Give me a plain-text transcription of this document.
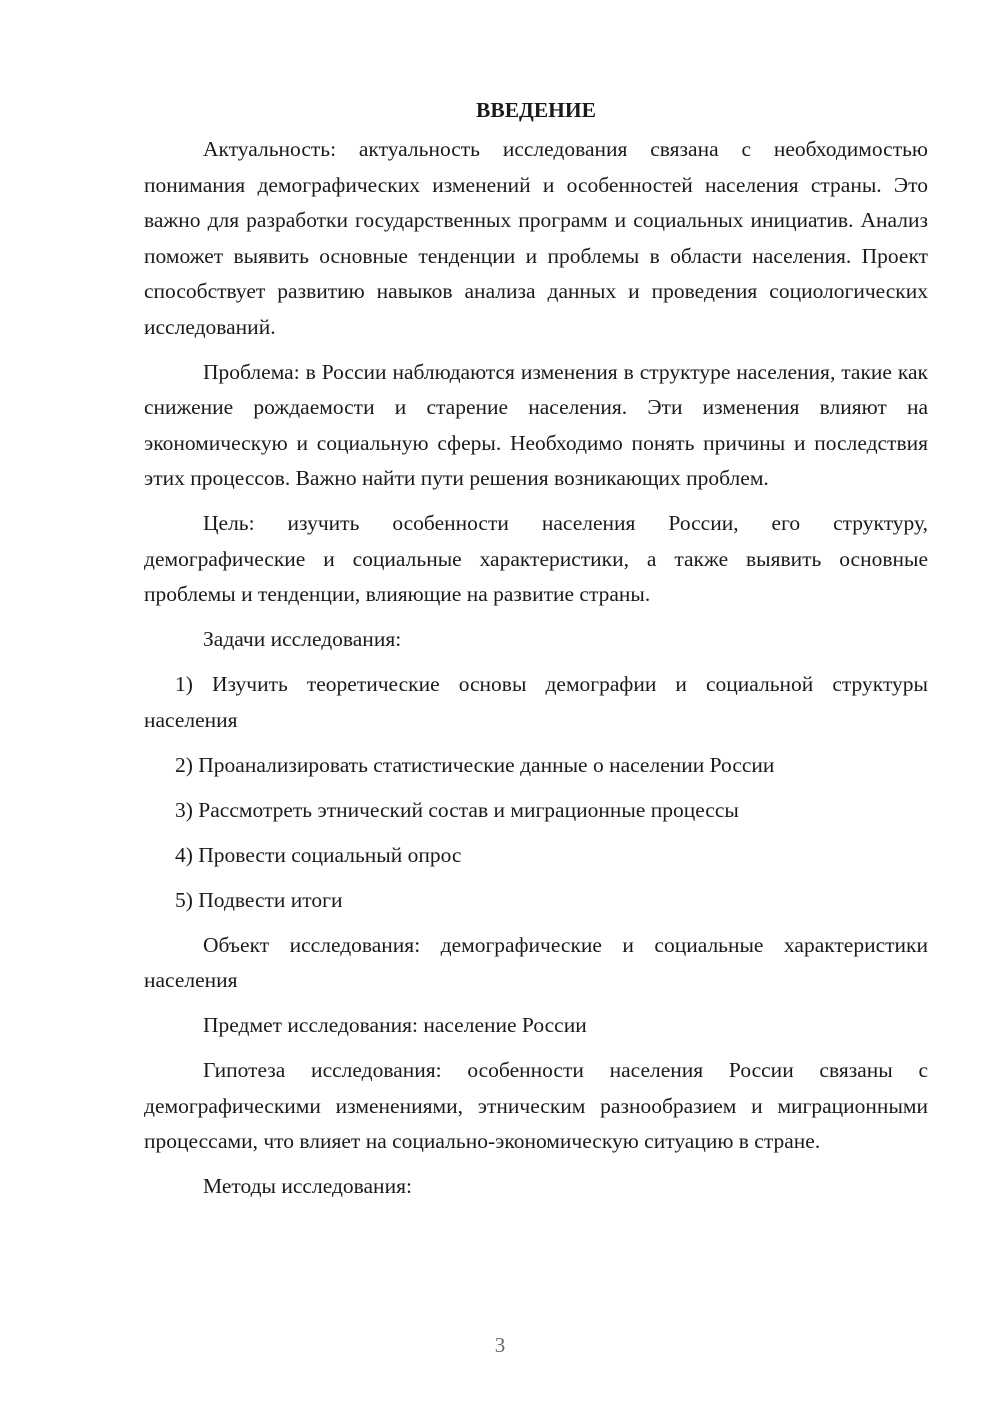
ВВЕДЕНИЕ

Актуальность: актуальность исследования связана с необходимостью понимания демографических изменений и особенностей населения страны. Это важно для разработки государственных программ и социальных инициатив. Анализ поможет выявить основные тенденции и проблемы в области населения. Проект способствует развитию навыков анализа данных и проведения социологических исследований.

Проблема: в России наблюдаются изменения в структуре населения, такие как снижение рождаемости и старение населения. Эти изменения влияют на экономическую и социальную сферы. Необходимо понять причины и последствия этих процессов. Важно найти пути решения возникающих проблем.

Цель: изучить особенности населения России, его структуру, демографические и социальные характеристики, а также выявить основные проблемы и тенденции, влияющие на развитие страны.

Задачи исследования:

1) Изучить теоретические основы демографии и социальной структуры населения

2) Проанализировать статистические данные о населении России

3) Рассмотреть этнический состав и миграционные процессы

4) Провести социальный опрос

5) Подвести итоги

Объект исследования: демографические и социальные характеристики населения

Предмет исследования: население России

Гипотеза исследования: особенности населения России связаны с демографическими изменениями, этническим разнообразием и миграционными процессами, что влияет на социально-экономическую ситуацию в стране.

Методы исследования:

3
